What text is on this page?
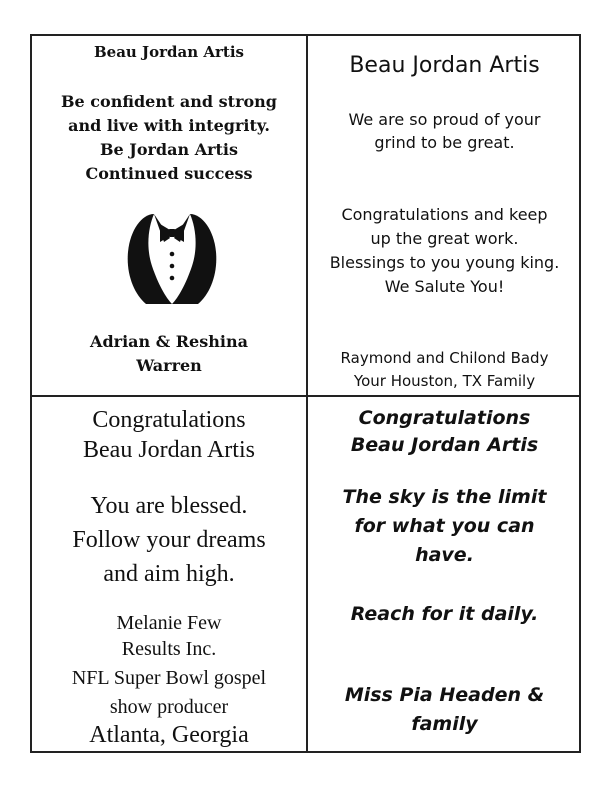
Beau Jordan Artis

Be confident and strong
and live with integrity.
Be Jordan Artis
Continued success

Adrian & Reshina
Warren

Beau Jordan Artis

We are so proud of your
grind to be great.

Congratulations and keep
up the great work.
Blessings to you young king.
We Salute You!

Raymond and Chilond Bady
Your Houston, TX Family

Congratulations
Beau Jordan Artis

You are blessed.
Follow your dreams
and aim high.

Melanie Few

Results Inc.
NFL Super Bowl gospel
show producer

Atlanta, Georgia

Congratulations
Beau Jordan Artis

The sky is the limit
for what you can
have.

Reach for it daily.

Miss Pia Headen &
family
